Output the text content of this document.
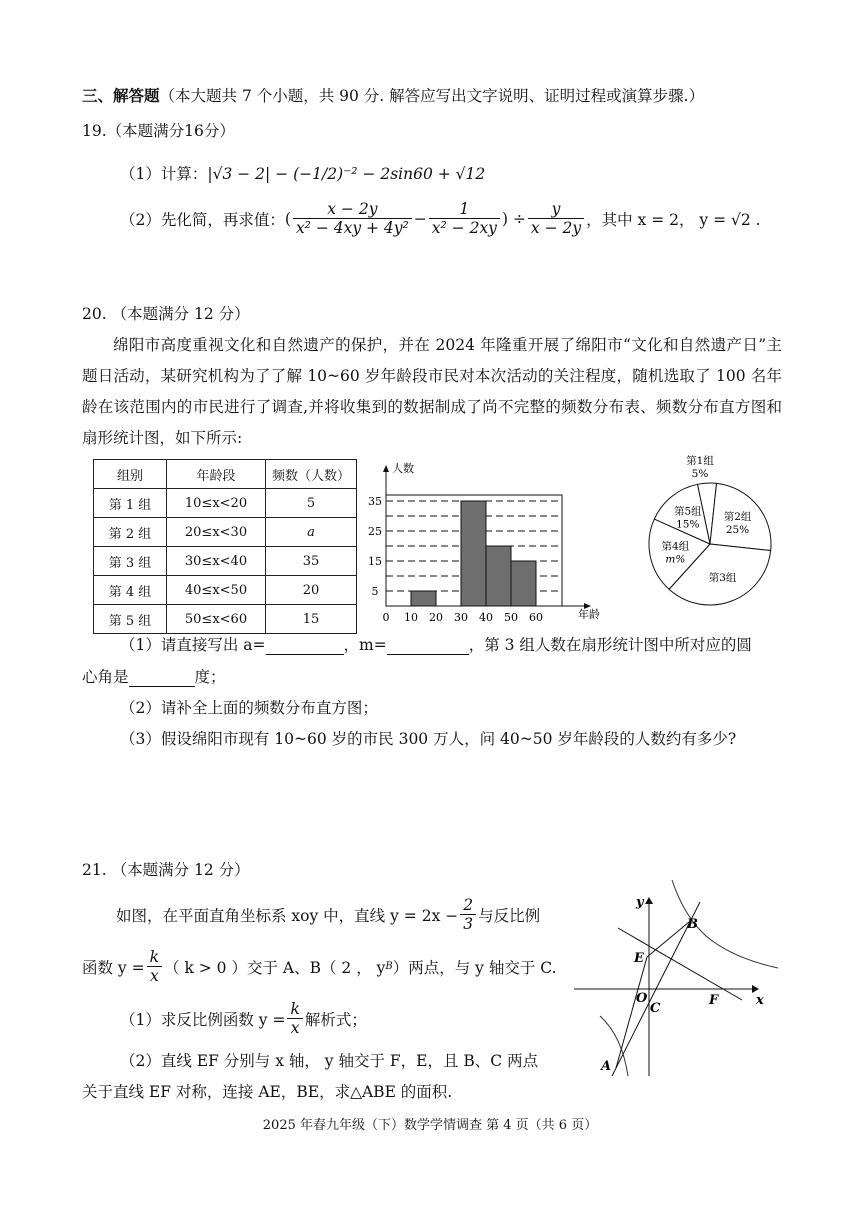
三、解答题（本大题共 7 个小题，共 90 分. 解答应写出文字说明、证明过程或演算步骤.）
19.（本题满分16分）
（1）计算：|√3 − 2| − (−1/2)⁻² − 2sin60 + √12
（2）先化简，再求值： ( $\frac{x - 2y}{\text{x² − 4xy + 4y²}} - \frac{1}{\text{x² − 2xy}}$ ) ÷ $\frac{y}{x - 2y}$ ，其中 x = 2， y = √2 .
20. （本题满分 12 分）
绵阳市高度重视文化和自然遗产的保护，并在 2024 年隆重开展了绵阳市“文化和自然遗产日”主题日活动，某研究机构为了了解 10~60 岁年龄段市民对本次活动的关注程度，随机选取了 100 名年龄在该范围内的市民进行了调查,并将收集到的数据制成了尚不完整的频数分布表、频数分布直方图和扇形统计图，如下所示:
组别	年龄段	频数（人数）
第 1 组	10≤x<20	5
第 2 组	20≤x<30	a
第 3 组	30≤x<40	35
第 4 组	40≤x<50	20
第 5 组	50≤x<60	15
5
15
25
35
0 10 20 30 40 50 60
人数
年龄
第1组
5%
第2组
25%
第3组
第4组
m%
第5组
15%
（1）请直接写出 a=	，m=	，第 3 组人数在扇形统计图中所对应的圆
心角是	度；
（2）请补全上面的频数分布直方图；
（3）假设绵阳市现有 10~60 岁的市民 300 万人，问 40~50 岁年龄段的人数约有多少?
21. （本题满分 12 分）
如图，在平面直角坐标系 xoy 中，直线 $y = 2x - \frac{2}{3}$ 与反比例
函数 $y = \frac{k}{x}$ （ k > 0 ）交于 A、B（ 2 ， y B ）两点，与 y 轴交于 C.
（1）求反比例函数 $y = \frac{k}{x}$ 解析式；
（2）直线 EF 分别与 x 轴， y 轴交于 F，E，且 B、C 两点
关于直线 EF 对称，连接 AE，BE，求△ABE 的面积.
y
x
B
E
O
C
F
A
2025 年春九年级（下）数学学情调查 第 4 页（共 6 页）
